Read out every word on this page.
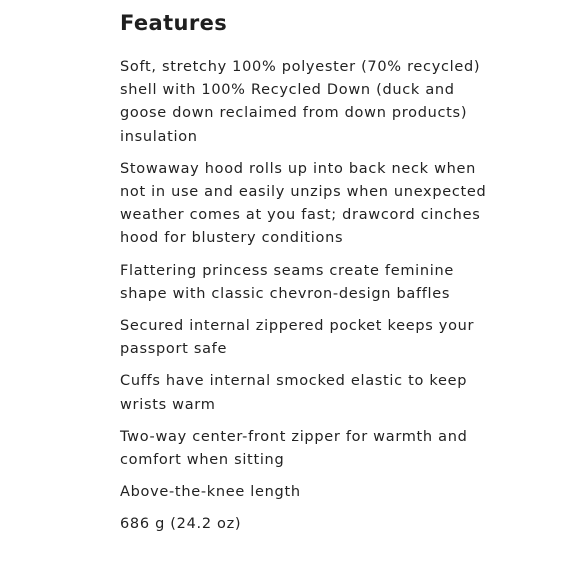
Features
Soft, stretchy 100% polyester (70% recycled) shell with 100% Recycled Down (duck and goose down reclaimed from down products) insulation
Stowaway hood rolls up into back neck when not in use and easily unzips when unexpected weather comes at you fast; drawcord cinches hood for blustery conditions
Flattering princess seams create feminine shape with classic chevron-design baffles
Secured internal zippered pocket keeps your passport safe
Cuffs have internal smocked elastic to keep wrists warm
Two-way center-front zipper for warmth and comfort when sitting
Above-the-knee length
686 g (24.2 oz)
